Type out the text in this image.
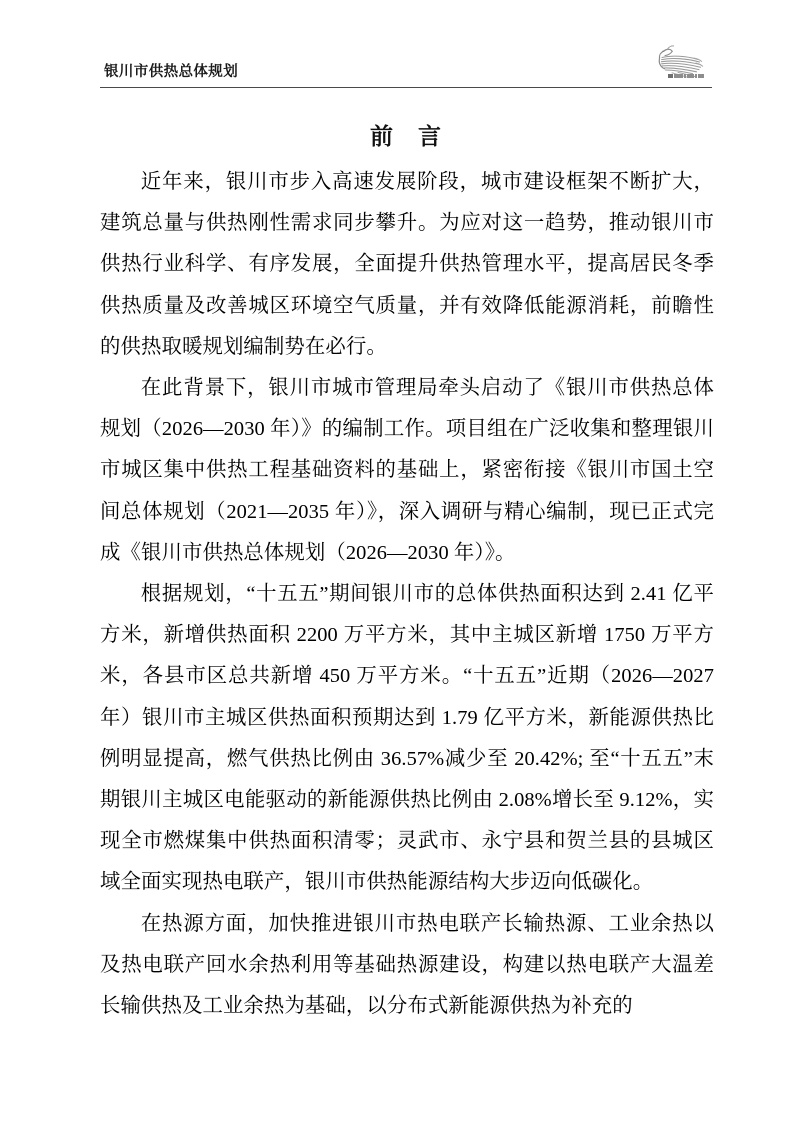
银川市供热总体规划
前　言

近年来，银川市步入高速发展阶段，城市建设框架不断扩大，建筑总量与供热刚性需求同步攀升。为应对这一趋势，推动银川市供热行业科学、有序发展，全面提升供热管理水平，提高居民冬季供热质量及改善城区环境空气质量，并有效降低能源消耗，前瞻性的供热取暖规划编制势在必行。

在此背景下，银川市城市管理局牵头启动了《银川市供热总体规划（2026—2030 年）》的编制工作。项目组在广泛收集和整理银川市城区集中供热工程基础资料的基础上，紧密衔接《银川市国土空间总体规划（2021—2035 年）》，深入调研与精心编制，现已正式完成《银川市供热总体规划（2026—2030 年）》。

根据规划，“十五五”期间银川市的总体供热面积达到 2.41 亿平方米，新增供热面积 2200 万平方米，其中主城区新增 1750 万平方米，各县市区总共新增 450 万平方米。“十五五”近期（2026—2027 年）银川市主城区供热面积预期达到 1.79 亿平方米，新能源供热比例明显提高，燃气供热比例由 36.57%减少至 20.42%; 至“十五五”末期银川主城区电能驱动的新能源供热比例由 2.08%增长至 9.12%，实现全市燃煤集中供热面积清零；灵武市、永宁县和贺兰县的县城区域全面实现热电联产，银川市供热能源结构大步迈向低碳化。

在热源方面，加快推进银川市热电联产长输热源、工业余热以及热电联产回水余热利用等基础热源建设，构建以热电联产大温差长输供热及工业余热为基础，以分布式新能源供热为补充的
